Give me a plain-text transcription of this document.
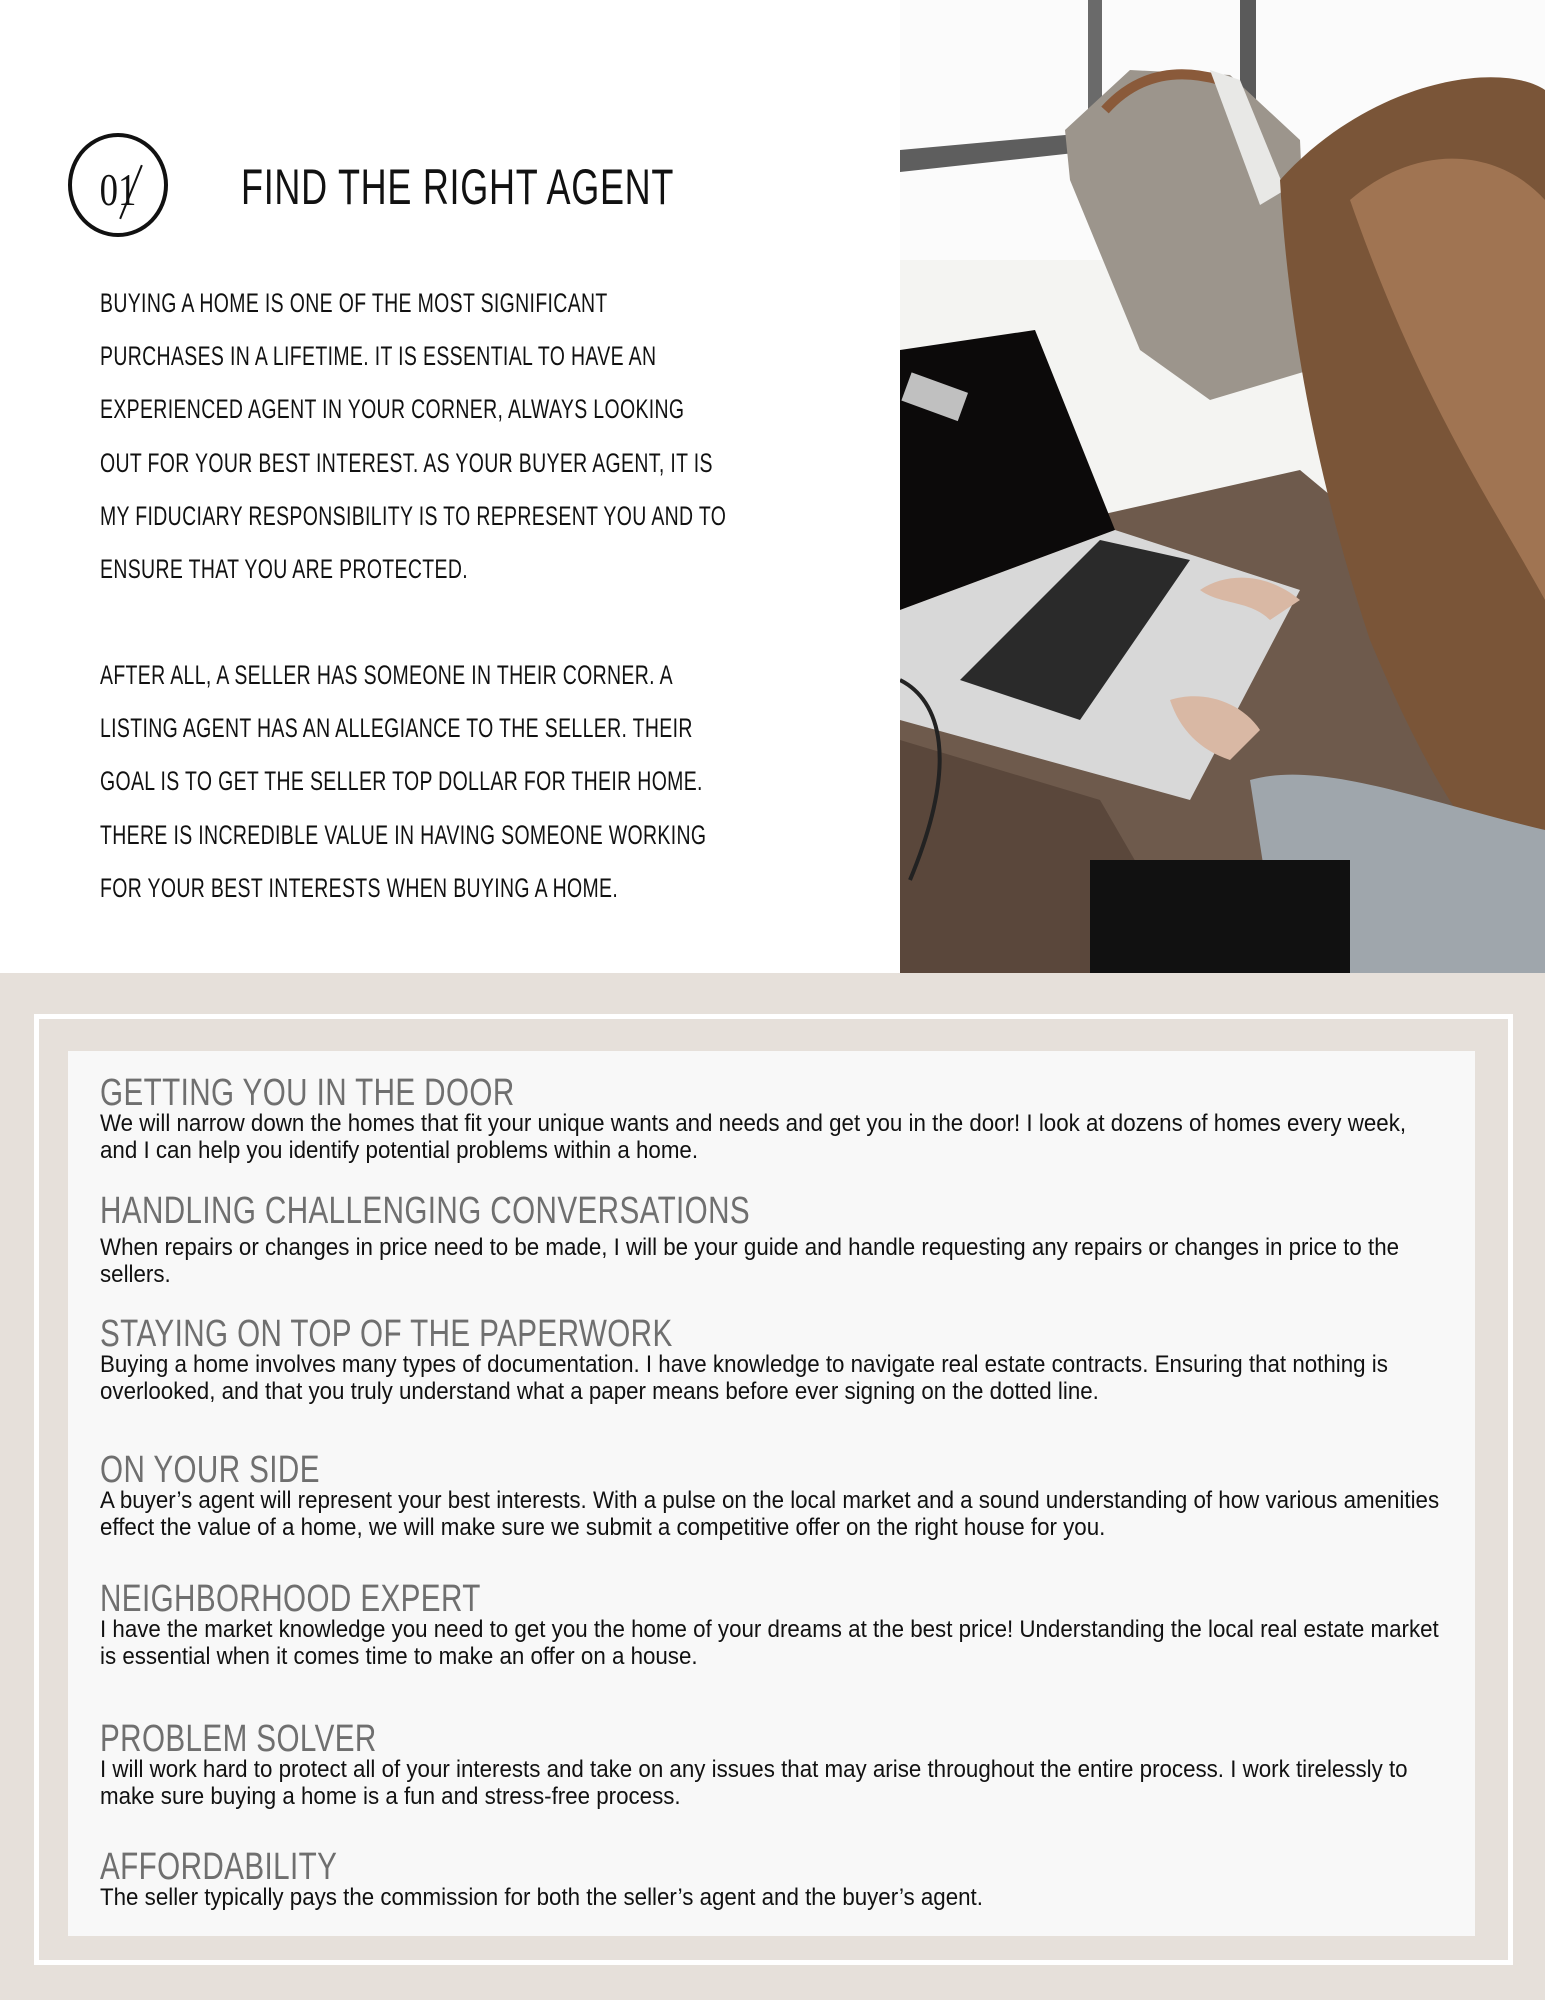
01	FIND THE RIGHT AGENT
BUYING A HOME IS ONE OF THE MOST SIGNIFICANT
PURCHASES IN A LIFETIME. IT IS ESSENTIAL TO HAVE AN
EXPERIENCED AGENT IN YOUR CORNER, ALWAYS LOOKING
OUT FOR YOUR BEST INTEREST. AS YOUR BUYER AGENT, IT IS
MY FIDUCIARY RESPONSIBILITY IS TO REPRESENT YOU AND TO
ENSURE THAT YOU ARE PROTECTED.
AFTER ALL, A SELLER HAS SOMEONE IN THEIR CORNER. A
LISTING AGENT HAS AN ALLEGIANCE TO THE SELLER. THEIR
GOAL IS TO GET THE SELLER TOP DOLLAR FOR THEIR HOME.
THERE IS INCREDIBLE VALUE IN HAVING SOMEONE WORKING
FOR YOUR BEST INTERESTS WHEN BUYING A HOME.
GETTING YOU IN THE DOOR

We will narrow down the homes that fit your unique wants and needs and get you in the door! I look at dozens of homes every week, and I can help you identify potential problems within a home.

HANDLING CHALLENGING CONVERSATIONS

When repairs or changes in price need to be made, I will be your guide and handle requesting any repairs or changes in price to the sellers.

STAYING ON TOP OF THE PAPERWORK

Buying a home involves many types of documentation. I have knowledge to navigate real estate contracts. Ensuring that nothing is overlooked, and that you truly understand what a paper means before ever signing on the dotted line.

ON YOUR SIDE

A buyer’s agent will represent your best interests. With a pulse on the local market and a sound understanding of how various amenities effect the value of a home, we will make sure we submit a competitive offer on the right house for you.

NEIGHBORHOOD EXPERT

I have the market knowledge you need to get you the home of your dreams at the best price! Understanding the local real estate market is essential when it comes time to make an offer on a house.

PROBLEM SOLVER

I will work hard to protect all of your interests and take on any issues that may arise throughout the entire process. I work tirelessly to make sure buying a home is a fun and stress-free process.

AFFORDABILITY

The seller typically pays the commission for both the seller’s agent and the buyer’s agent.
